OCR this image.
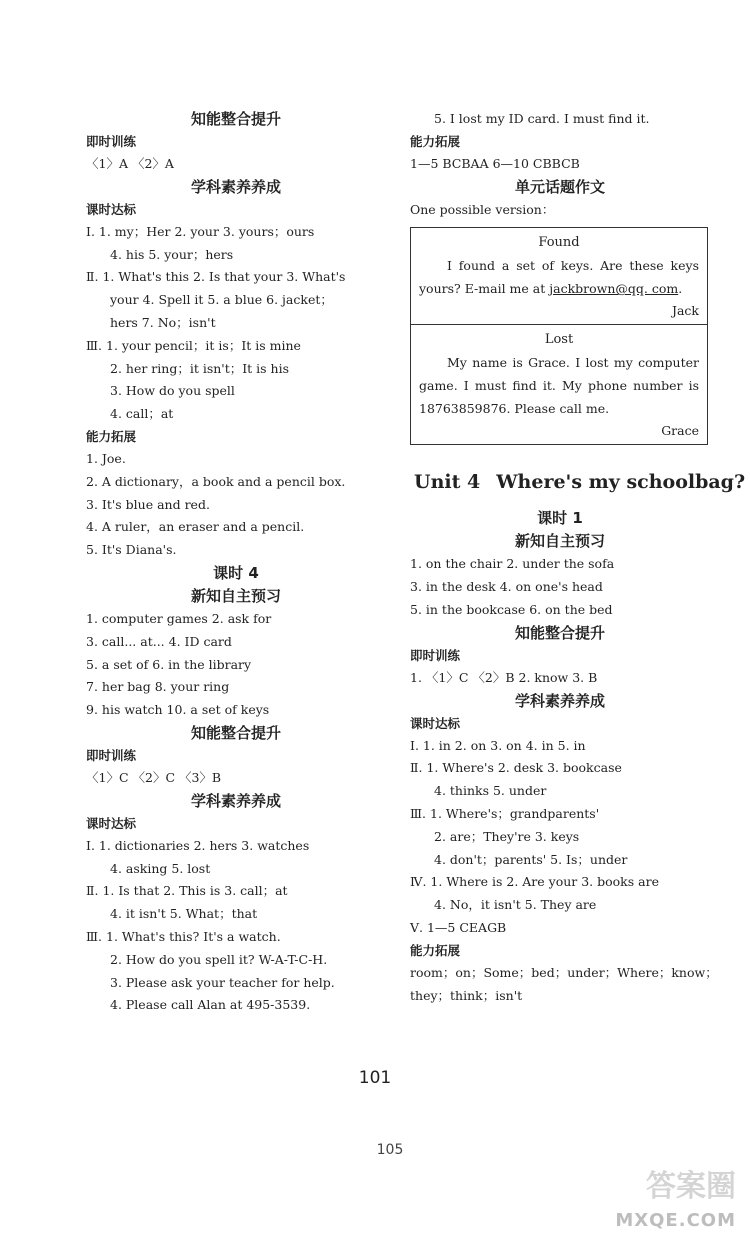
知能整合提升

即时训练

〈1〉A 〈2〉A

学科素养养成

课时达标

Ⅰ. 1. my；Her 2. your 3. yours；ours

4. his 5. your；hers

Ⅱ. 1. What's this 2. Is that your 3. What's

your 4. Spell it 5. a blue 6. jacket；

hers 7. No；isn't

Ⅲ. 1. your pencil；it is；It is mine

2. her ring；it isn't；It is his

3. How do you spell

4. call；at

能力拓展

1. Joe.

2. A dictionary，a book and a pencil box.

3. It's blue and red.

4. A ruler，an eraser and a pencil.

5. It's Diana's.

课时 4

新知自主预习

1. computer games 2. ask for

3. call... at... 4. ID card

5. a set of 6. in the library

7. her bag 8. your ring

9. his watch 10. a set of keys

知能整合提升

即时训练

〈1〉C 〈2〉C 〈3〉B

学科素养养成

课时达标

Ⅰ. 1. dictionaries 2. hers 3. watches

4. asking 5. lost

Ⅱ. 1. Is that 2. This is 3. call；at

4. it isn't 5. What；that

Ⅲ. 1. What's this? It's a watch.

2. How do you spell it? W-A-T-C-H.

3. Please ask your teacher for help.

4. Please call Alan at 495-3539.

5. I lost my ID card. I must find it.

能力拓展

1—5 BCBAA 6—10 CBBCB

单元话题作文

One possible version：

Found
I found a set of keys. Are these keys yours? E-mail me at jackbrown@qq. com.
Jack
Lost
My name is Grace. I lost my computer game. I must find it. My phone number is 18763859876. Please call me.
Grace

Unit 4 Where's my schoolbag?

课时 1

新知自主预习

1. on the chair 2. under the sofa

3. in the desk 4. on one's head

5. in the bookcase 6. on the bed

知能整合提升

即时训练

1. 〈1〉C 〈2〉B 2. know 3. B

学科素养养成

课时达标

Ⅰ. 1. in 2. on 3. on 4. in 5. in

Ⅱ. 1. Where's 2. desk 3. bookcase

4. thinks 5. under

Ⅲ. 1. Where's；grandparents'

2. are；They're 3. keys

4. don't；parents' 5. Is；under

Ⅳ. 1. Where is 2. Are your 3. books are

4. No，it isn't 5. They are

Ⅴ. 1—5 CEAGB

能力拓展

room；on；Some；bed；under；Where；know；

they；think；isn't

101
105
答案圈
MXQE.COM
